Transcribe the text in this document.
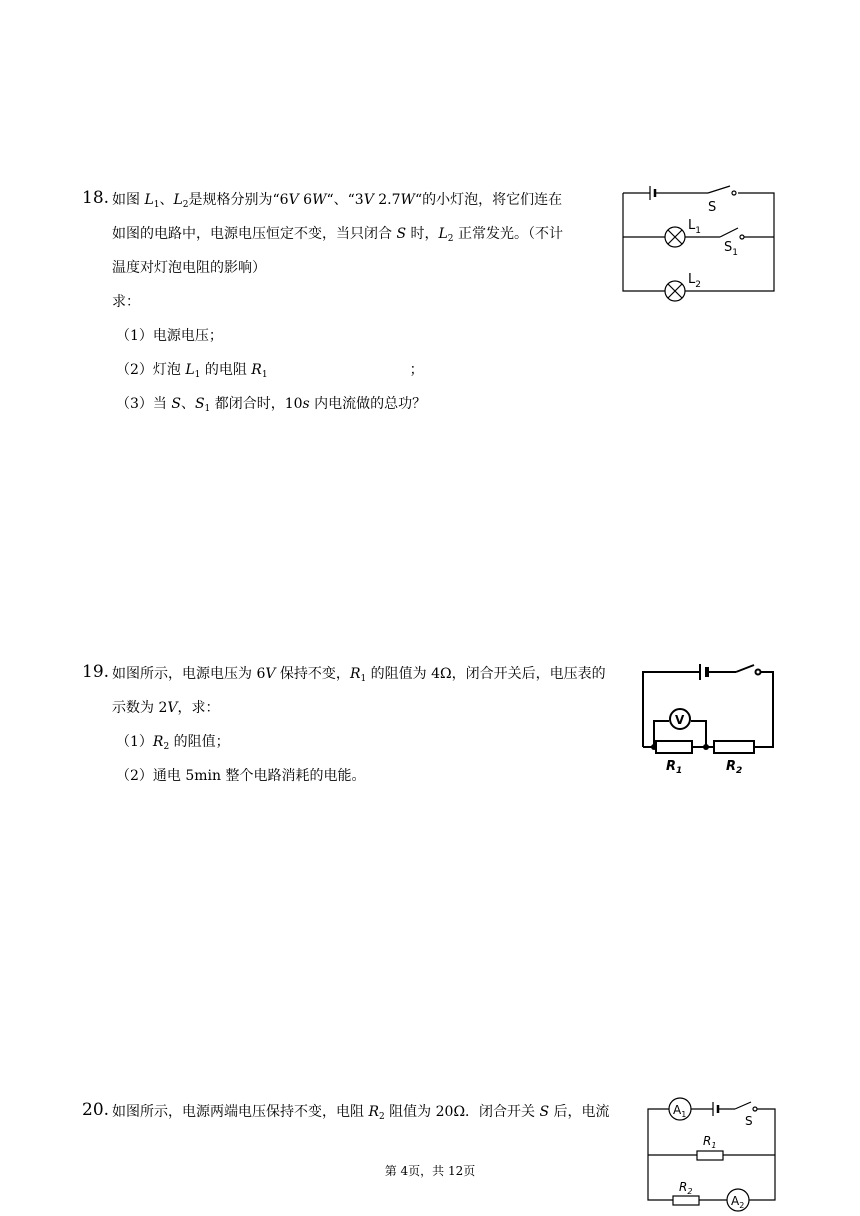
18. 如图 $L_1$、$L_2$是规格分别为“6V 6W“、“3V 2.7W“的小灯泡，将它们连在
如图的电路中，电源电压恒定不变，当只闭合 S 时，$L_2$ 正常发光。（不计
温度对灯泡电阻的影响）
求：
（1）电源电压；
（2）灯泡 $L_1$ 的电阻 $R_1$	；
（3）当 S、$S_1$ 都闭合时，10s 内电流做的总功？
S
$L_1$
$S_1$
$L_2$
19. 如图所示，电源电压为 6V 保持不变，$R_1$ 的阻值为 4Ω，闭合开关后，电压表的
示数为 2V，求：
$(1)R_2$ 的阻值；
（2）通电 5min 整个电路消耗的电能。
V
$R_1$	$R_2$
20. 如图所示，电源两端电压保持不变，电阻 $R_2$ 阻值为 20Ω．闭合开关 S 后，电流	$A_1$	S
$R_1$
$R_2$
$A_2$
第 4页，共 12页
